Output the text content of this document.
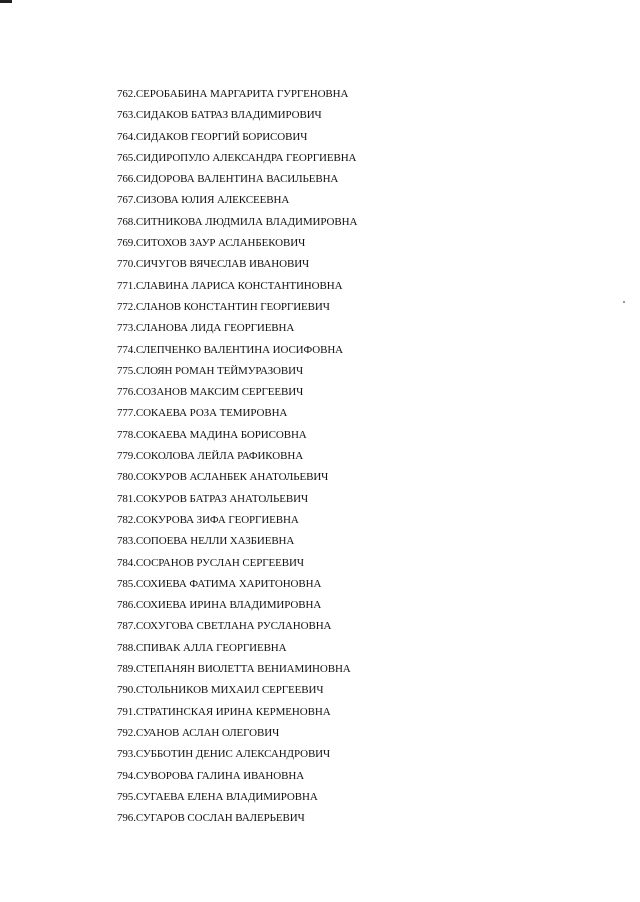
762.СЕРОБАБИНА МАРГАРИТА ГУРГЕНОВНА
763.СИДАКОВ БАТРАЗ ВЛАДИМИРОВИЧ
764.СИДАКОВ ГЕОРГИЙ БОРИСОВИЧ
765.СИДИРОПУЛО АЛЕКСАНДРА ГЕОРГИЕВНА
766.СИДОРОВА ВАЛЕНТИНА ВАСИЛЬЕВНА
767.СИЗОВА ЮЛИЯ АЛЕКСЕЕВНА
768.СИТНИКОВА ЛЮДМИЛА ВЛАДИМИРОВНА
769.СИТОХОВ ЗАУР АСЛАНБЕКОВИЧ
770.СИЧУГОВ ВЯЧЕСЛАВ ИВАНОВИЧ
771.СЛАВИНА ЛАРИСА КОНСТАНТИНОВНА
772.СЛАНОВ КОНСТАНТИН ГЕОРГИЕВИЧ
773.СЛАНОВА ЛИДА ГЕОРГИЕВНА
774.СЛЕПЧЕНКО ВАЛЕНТИНА ИОСИФОВНА
775.СЛОЯН РОМАН ТЕЙМУРАЗОВИЧ
776.СОЗАНОВ МАКСИМ СЕРГЕЕВИЧ
777.СОКАЕВА РОЗА ТЕМИРОВНА
778.СОКАЕВА МАДИНА БОРИСОВНА
779.СОКОЛОВА ЛЕЙЛА РАФИКОВНА
780.СОКУРОВ АСЛАНБЕК АНАТОЛЬЕВИЧ
781.СОКУРОВ БАТРАЗ АНАТОЛЬЕВИЧ
782.СОКУРОВА ЗИФА ГЕОРГИЕВНА
783.СОПОЕВА НЕЛЛИ ХАЗБИЕВНА
784.СОСРАНОВ РУСЛАН СЕРГЕЕВИЧ
785.СОХИЕВА ФАТИМА ХАРИТОНОВНА
786.СОХИЕВА ИРИНА ВЛАДИМИРОВНА
787.СОХУГОВА СВЕТЛАНА РУСЛАНОВНА
788.СПИВАК АЛЛА ГЕОРГИЕВНА
789.СТЕПАНЯН ВИОЛЕТТА ВЕНИАМИНОВНА
790.СТОЛЬНИКОВ МИХАИЛ СЕРГЕЕВИЧ
791.СТРАТИНСКАЯ ИРИНА КЕРМЕНОВНА
792.СУАНОВ АСЛАН ОЛЕГОВИЧ
793.СУББОТИН ДЕНИС АЛЕКСАНДРОВИЧ
794.СУВОРОВА ГАЛИНА ИВАНОВНА
795.СУГАЕВА ЕЛЕНА ВЛАДИМИРОВНА
796.СУГАРОВ СОСЛАН ВАЛЕРЬЕВИЧ
